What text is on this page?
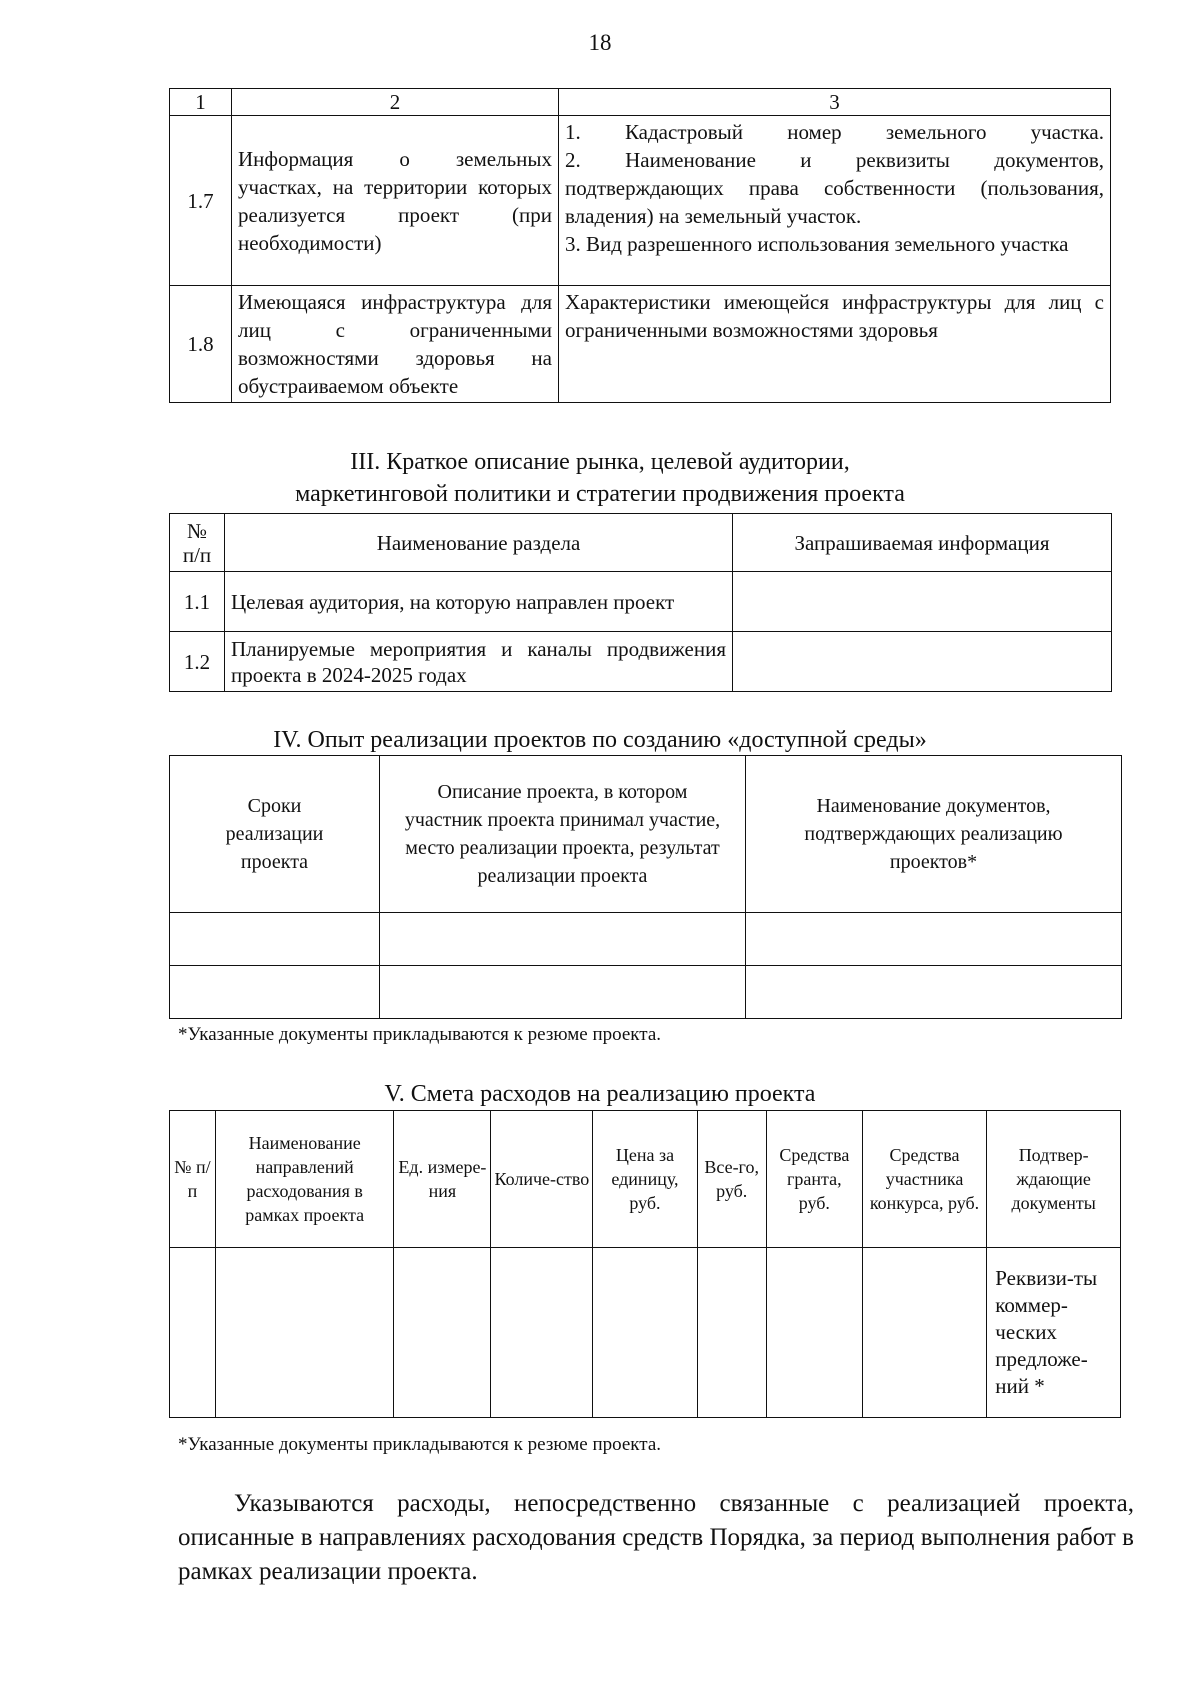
18
1	2	3
1.7	Информация о земельных участках, на территории которых реализуется проект (при необходимости)	1. Кадастровый номер земельного участка.
2. Наименование и реквизиты документов, подтверждающих права собственности (пользования, владения) на земельный участок.
3. Вид разрешенного использования земельного участка

1.8	Имеющаяся инфраструктура для лиц с ограниченными возможностями здоровья на обустраиваемом объекте	Характеристики имеющейся инфраструктуры для лиц с ограниченными возможностями здоровья
III. Краткое описание рынка, целевой аудитории,
маркетинговой политики и стратегии продвижения проекта
№ п/п	Наименование раздела	Запрашиваемая информация
1.1	Целевая аудитория, на которую направлен проект	
1.2	Планируемые мероприятия и каналы продвижения проекта в 2024-2025 годах	
IV. Опыт реализации проектов по созданию «доступной среды»
Сроки реализации проекта	Описание проекта, в котором участник проекта принимал участие, место реализации проекта, результат реализации проекта	Наименование документов, подтверждающих реализацию проектов*

*Указанные документы прикладываются к резюме проекта.
V. Смета расходов на реализацию проекта
№ п/ п	Наименование направлений расходования в рамках проекта	Ед. измере-ния	Количе-ство	Цена за единицу, руб.	Все-го, руб.	Средства гранта, руб.	Средства участника конкурса, руб.	Подтвер-ждающие документы
								Реквизи-ты коммер-ческих предложе-ний *
*Указанные документы прикладываются к резюме проекта.
Указываются расходы, непосредственно связанные с реализацией проекта, описанные в направлениях расходования средств Порядка, за период выполнения работ в рамках реализации проекта.
